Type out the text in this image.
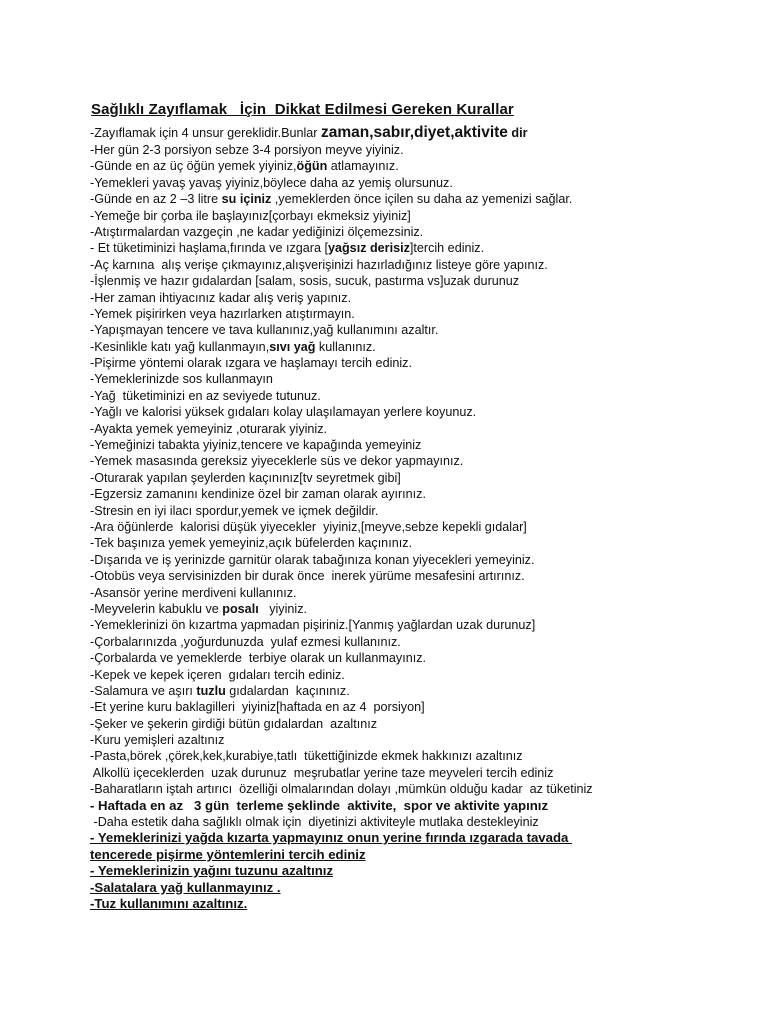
Sağlıklı Zayıflamak   İçin  Dikkat Edilmesi Gereken Kurallar
-Zayıflamak için 4 unsur gereklidir.Bunlar zaman,sabır,diyet,aktivite dir
-Her gün 2-3 porsiyon sebze 3-4 porsiyon meyve yiyiniz.
-Günde en az üç öğün yemek yiyiniz,öğün atlamayınız.
-Yemekleri yavaş yavaş yiyiniz,böylece daha az yemiş olursunuz.
-Günde en az 2 –3 litre su içiniz ,yemeklerden önce içilen su daha az yemenizi sağlar.
-Yemeğe bir çorba ile başlayınız[çorbayı ekmeksiz yiyiniz]
-Atıştırmalardan vazgeçin ,ne kadar yediğinizi ölçemezsiniz.
- Et tüketiminizi haşlama,fırında ve ızgara [yağsız derisiz]tercih ediniz.
-Aç karnına  alış verişe çıkmayınız,alışverişinizi hazırladığınız listeye göre yapınız.
-İşlenmiş ve hazır gıdalardan [salam, sosis, sucuk, pastırma vs]uzak durunuz
-Her zaman ihtiyacınız kadar alış veriş yapınız.
-Yemek pişirirken veya hazırlarken atıştırmayın.
-Yapışmayan tencere ve tava kullanınız,yağ kullanımını azaltır.
-Kesinlikle katı yağ kullanmayın,sıvı yağ kullanınız.
-Pişirme yöntemi olarak ızgara ve haşlamayı tercih ediniz.
-Yemeklerinizde sos kullanmayın
-Yağ  tüketiminizi en az seviyede tutunuz.
-Yağlı ve kalorisi yüksek gıdaları kolay ulaşılamayan yerlere koyunuz.
-Ayakta yemek yemeyiniz ,oturarak yiyiniz.
-Yemeğinizi tabakta yiyiniz,tencere ve kapağında yemeyiniz
-Yemek masasında gereksiz yiyeceklerle süs ve dekor yapmayınız.
-Oturarak yapılan şeylerden kaçınınız[tv seyretmek gibi]
-Egzersiz zamanını kendinize özel bir zaman olarak ayırınız.
-Stresin en iyi ilacı spordur,yemek ve içmek değildir.
-Ara öğünlerde  kalorisi düşük yiyecekler  yiyiniz,[meyve,sebze kepekli gıdalar]
-Tek başınıza yemek yemeyiniz,açık büfelerden kaçınınız.
-Dışarıda ve iş yerinizde garnitür olarak tabağınıza konan yiyecekleri yemeyiniz.
-Otobüs veya servisinizden bir durak önce  inerek yürüme mesafesini artırınız.
-Asansör yerine merdiveni kullanınız.
-Meyvelerin kabuklu ve posalı   yiyiniz.
-Yemeklerinizi ön kızartma yapmadan pişiriniz.[Yanmış yağlardan uzak durunuz]
-Çorbalarınızda ,yoğurdunuzda  yulaf ezmesi kullanınız.
-Çorbalarda ve yemeklerde  terbiye olarak un kullanmayınız.
-Kepek ve kepek içeren  gıdaları tercih ediniz.
-Salamura ve aşırı tuzlu gıdalardan  kaçınınız.
-Et yerine kuru baklagilleri  yiyiniz[haftada en az 4  porsiyon]
-Şeker ve şekerin girdiği bütün gıdalardan  azaltınız
-Kuru yemişleri azaltınız
-Pasta,börek ,çörek,kek,kurabiye,tatlı  tükettiğinizde ekmek hakkınızı azaltınız
Alkollü içeceklerden  uzak durunuz  meşrubatlar yerine taze meyveleri tercih ediniz
-Baharatların iştah artırıcı  özelliği olmalarından dolayı ,mümkün olduğu kadar  az tüketiniz
- Haftada en az   3 gün  terleme şeklinde  aktivite,  spor ve aktivite yapınız
-Daha estetik daha sağlıklı olmak için  diyetinizi aktiviteyle mutlaka destekleyiniz
- Yemeklerinizi yağda kızarta yapmayınız onun yerine fırında ızgarada tavada
tencerede pişirme yöntemlerini tercih ediniz
- Yemeklerinizin yağını tuzunu azaltınız
-Salatalara yağ kullanmayınız .
-Tuz kullanımını azaltınız.
